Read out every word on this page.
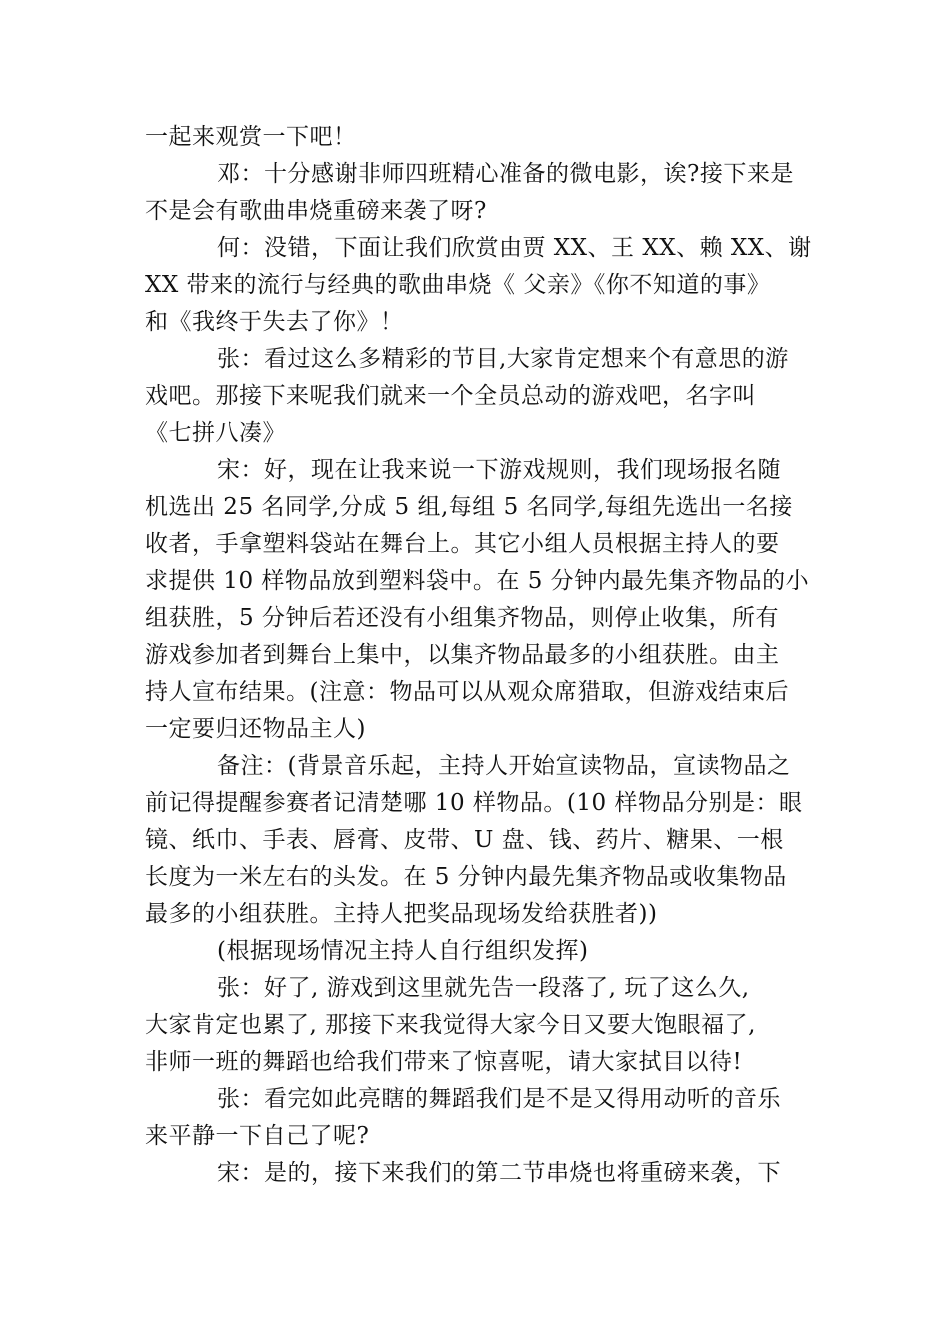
一起来观赏一下吧！
邓：十分感谢非师四班精心准备的微电影，诶?接下来是
不是会有歌曲串烧重磅来袭了呀?
何：没错，下面让我们欣赏由贾 XX、王 XX、赖 XX、谢
XX 带来的流行与经典的歌曲串烧《 父亲》《你不知道的事》
和《我终于失去了你》！
张：看过这么多精彩的节目,大家肯定想来个有意思的游
戏吧。那接下来呢我们就来一个全员总动的游戏吧，名字叫
《七拼八凑》
宋：好，现在让我来说一下游戏规则，我们现场报名随
机选出 25 名同学,分成 5 组,每组 5 名同学,每组先选出一名接
收者，手拿塑料袋站在舞台上。其它小组人员根据主持人的要
求提供 10 样物品放到塑料袋中。在 5 分钟内最先集齐物品的小
组获胜，5 分钟后若还没有小组集齐物品，则停止收集，所有
游戏参加者到舞台上集中，以集齐物品最多的小组获胜。由主
持人宣布结果。(注意：物品可以从观众席猎取，但游戏结束后
一定要归还物品主人)
备注：(背景音乐起，主持人开始宣读物品，宣读物品之
前记得提醒参赛者记清楚哪 10 样物品。(10 样物品分别是：眼
镜、纸巾、手表、唇膏、皮带、U 盘、钱、药片、糖果、一根
长度为一米左右的头发。在 5 分钟内最先集齐物品或收集物品
最多的小组获胜。主持人把奖品现场发给获胜者))
(根据现场情况主持人自行组织发挥)
张：好了, 游戏到这里就先告一段落了, 玩了这么久,
大家肯定也累了, 那接下来我觉得大家今日又要大饱眼福了,
非师一班的舞蹈也给我们带来了惊喜呢，请大家拭目以待!
张：看完如此亮瞎的舞蹈我们是不是又得用动听的音乐
来平静一下自己了呢?
宋：是的，接下来我们的第二节串烧也将重磅来袭，下
